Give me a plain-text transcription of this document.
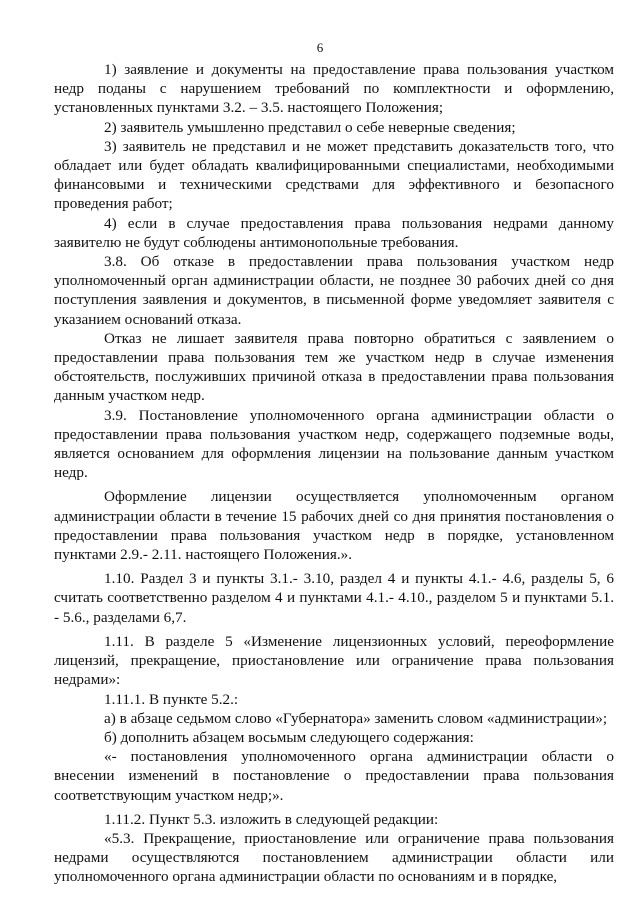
6

1) заявление и документы на предоставление права пользования участком недр поданы с нарушением требований по комплектности и оформлению, установленных пунктами 3.2. – 3.5. настоящего Положения;

2) заявитель умышленно представил о себе неверные сведения;

3) заявитель не представил и не может представить доказательств того, что обладает или будет обладать квалифицированными специалистами, необходимыми финансовыми и техническими средствами для эффективного и безопасного проведения работ;

4) если в случае предоставления права пользования недрами данному заявителю не будут соблюдены антимонопольные требования.

3.8. Об отказе в предоставлении права пользования участком недр уполномоченный орган администрации области, не позднее 30 рабочих дней со дня поступления заявления и документов, в письменной форме уведомляет заявителя с указанием оснований отказа.

Отказ не лишает заявителя права повторно обратиться с заявлением о предоставлении права пользования тем же участком недр в случае изменения обстоятельств, послуживших причиной отказа в предоставлении права пользования данным участком недр.

3.9. Постановление уполномоченного органа администрации области о предоставлении права пользования участком недр, содержащего подземные воды, является основанием для оформления лицензии на пользование данным участком недр.

Оформление лицензии осуществляется уполномоченным органом администрации области в течение 15 рабочих дней со дня принятия постановления о предоставлении права пользования участком недр в порядке, установленном пунктами 2.9.- 2.11. настоящего Положения.».

1.10. Раздел 3 и пункты 3.1.- 3.10, раздел 4 и пункты 4.1.- 4.6, разделы 5, 6 считать соответственно разделом 4 и пунктами 4.1.- 4.10., разделом 5 и пунктами 5.1. - 5.6., разделами 6,7.

1.11. В разделе 5 «Изменение лицензионных условий, переоформление лицензий, прекращение, приостановление или ограничение права пользования недрами»:

1.11.1. В пункте 5.2.:

а) в абзаце седьмом слово «Губернатора» заменить словом «администрации»;

б) дополнить абзацем восьмым следующего содержания:

«- постановления уполномоченного органа администрации области о внесении изменений в постановление о предоставлении права пользования соответствующим участком недр;».

1.11.2. Пункт 5.3. изложить в следующей редакции:

«5.3. Прекращение, приостановление или ограничение права пользования недрами осуществляются постановлением администрации области или уполномоченного органа администрации области по основаниям и в порядке,
